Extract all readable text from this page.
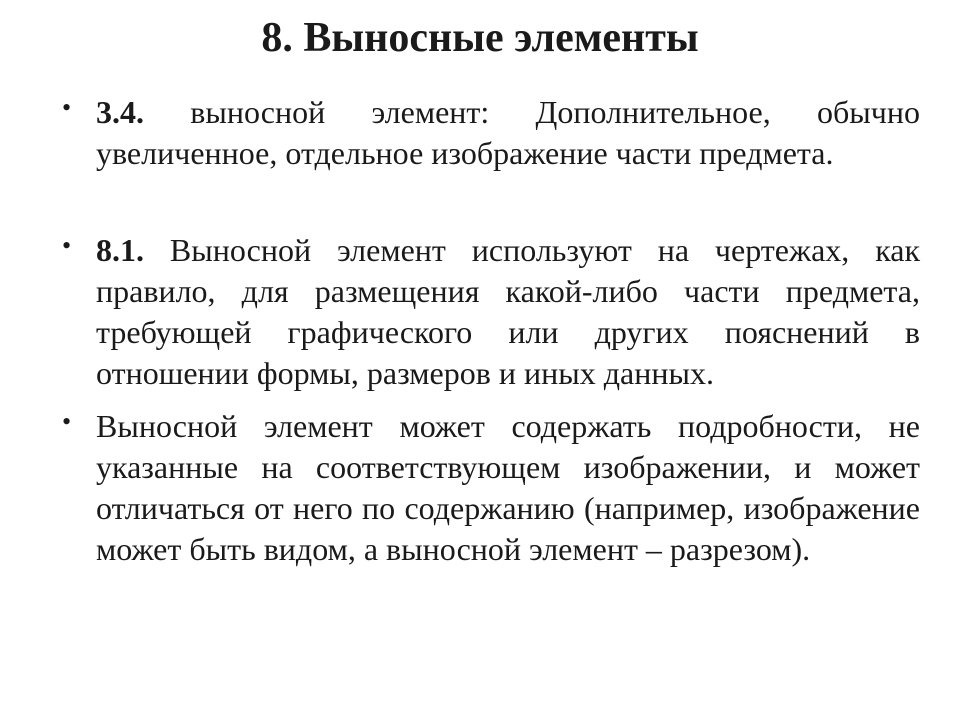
8. Выносные элементы
• 3.4. выносной элемент: Дополнительное, обычно увеличенное, отдельное изображение части предмета.
• 8.1. Выносной элемент используют на чертежах, как правило, для размещения какой-либо части предмета, требующей графического или других пояснений в отношении формы, размеров и иных данных.
• Выносной элемент может содержать подробности, не указанные на соответствующем изображении, и может отличаться от него по содержанию (например, изображение может быть видом, а выносной элемент – разрезом).
